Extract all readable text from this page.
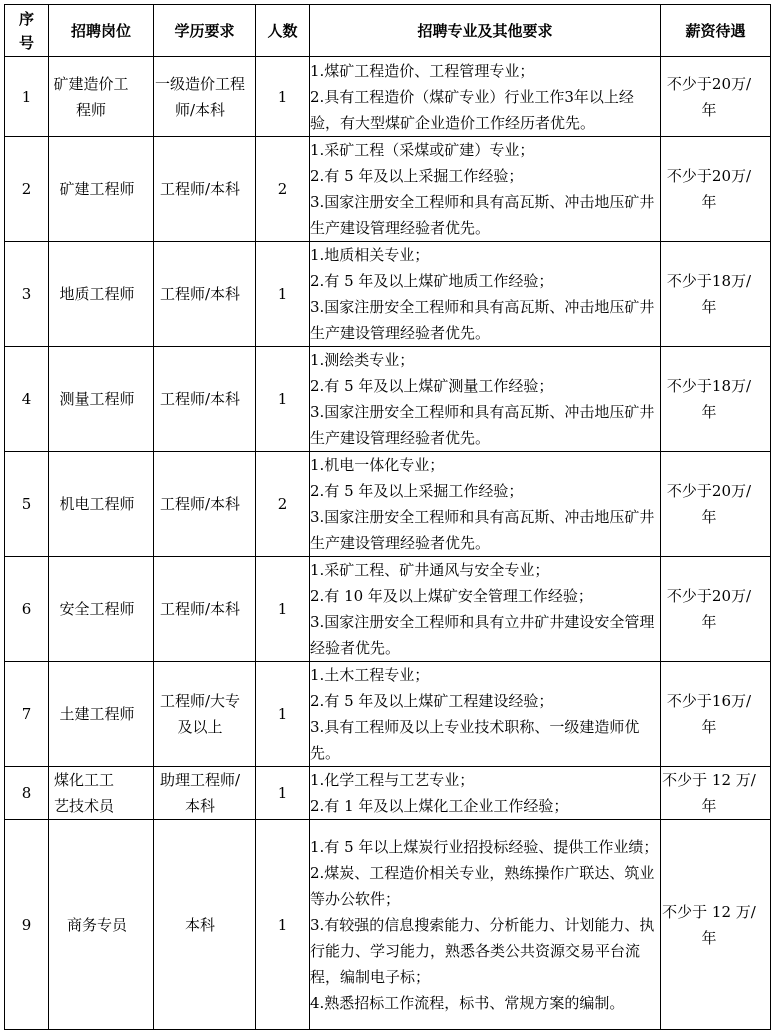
序号	招聘岗位	学历要求	人数	招聘专业及其他要求	薪资待遇
1	矿建造价工程师	一级造价工程师/本科	1	1.煤矿工程造价、工程管理专业；
2.具有工程造价（煤矿专业）行业工作3年以上经验，有大型煤矿企业造价工作经历者优先。	不少于20万/年

2	矿建工程师	工程师/本科	2	1.采矿工程（采煤或矿建）专业；
2.有 5 年及以上采掘工作经验；
3.国家注册安全工程师和具有高瓦斯、冲击地压矿井生产建设管理经验者优先。	不少于20万/年

3	地质工程师	工程师/本科	1	1.地质相关专业；
2.有 5 年及以上煤矿地质工作经验；
3.国家注册安全工程师和具有高瓦斯、冲击地压矿井生产建设管理经验者优先。	不少于18万/年

4	测量工程师	工程师/本科	1	1.测绘类专业；
2.有 5 年及以上煤矿测量工作经验；
3.国家注册安全工程师和具有高瓦斯、冲击地压矿井生产建设管理经验者优先。	不少于18万/年

5	机电工程师	工程师/本科	2	1.机电一体化专业；
2.有 5 年及以上采掘工作经验；
3.国家注册安全工程师和具有高瓦斯、冲击地压矿井生产建设管理经验者优先。	不少于20万/年

6	安全工程师	工程师/本科	1	1.采矿工程、矿井通风与安全专业；
2.有 10 年及以上煤矿安全管理工作经验；
3.国家注册安全工程师和具有立井矿井建设安全管理经验者优先。	不少于20万/年

7	土建工程师	工程师/大专及以上	1	1.土木工程专业；
2.有 5 年及以上煤矿工程建设经验；
3.具有工程师及以上专业技术职称、一级建造师优先。	不少于16万/年

8	煤化工工艺技术员	助理工程师/本科	1	1.化学工程与工艺专业；
2.有 1 年及以上煤化工企业工作经验；	不少于 12 万/年

9	商务专员	本科	1	1.有 5 年以上煤炭行业招投标经验、提供工作业绩；
2.煤炭、工程造价相关专业，熟练操作广联达、筑业等办公软件；
3.有较强的信息搜索能力、分析能力、计划能力、执行能力、学习能力，熟悉各类公共资源交易平台流程，编制电子标；
4.熟悉招标工作流程，标书、常规方案的编制。	不少于 12 万/年
